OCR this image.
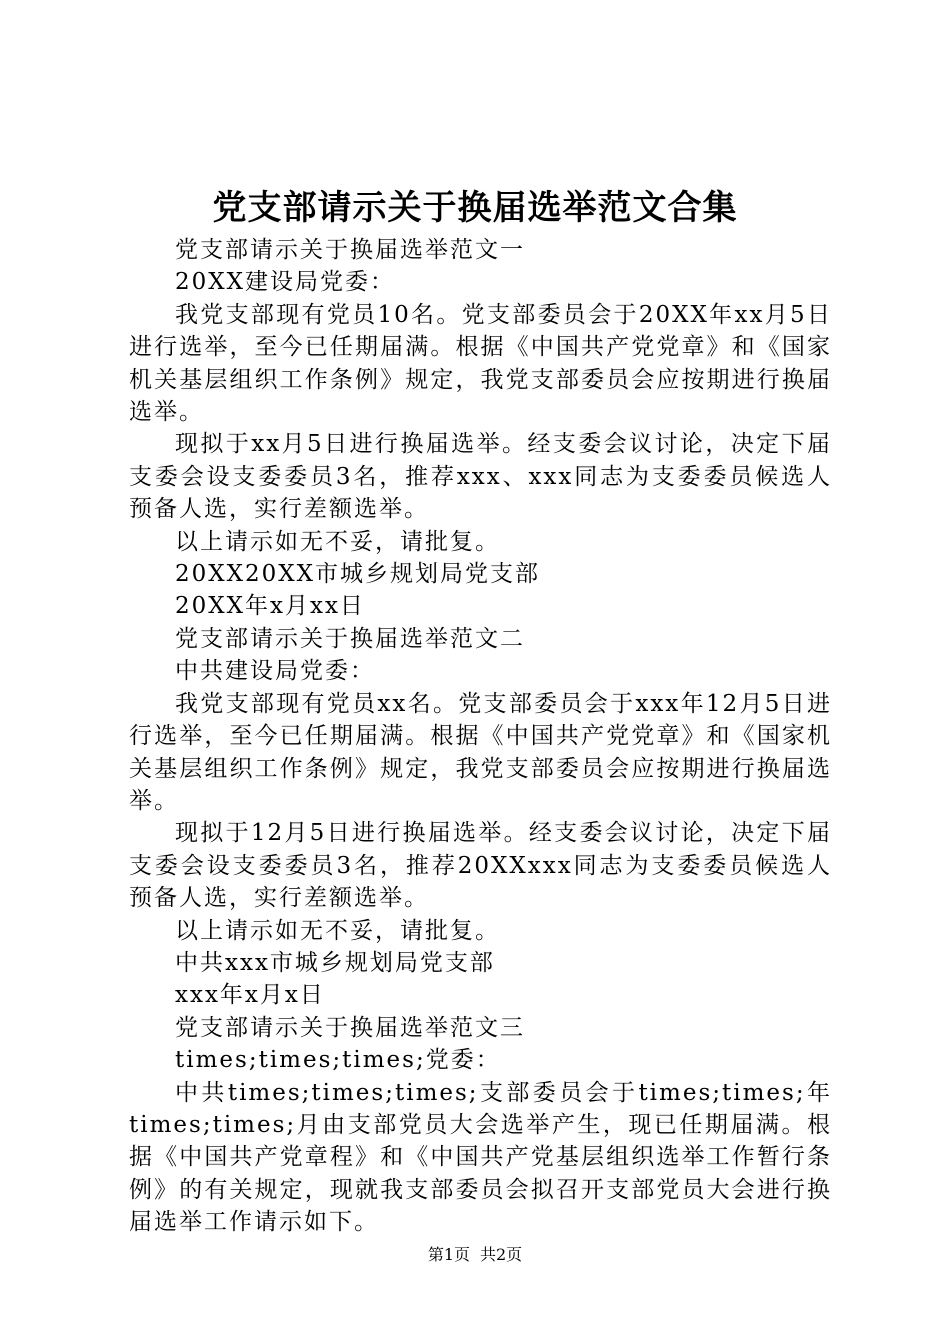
党支部请示关于换届选举范文合集

党支部请示关于换届选举范文一

20XX建设局党委：

我党支部现有党员10名。党支部委员会于20XX年xx月5日进行选举，至今已任期届满。根据《中国共产党党章》和《国家机关基层组织工作条例》规定，我党支部委员会应按期进行换届选举。

现拟于xx月5日进行换届选举。经支委会议讨论，决定下届支委会设支委委员3名，推荐xxx、xxx同志为支委委员候选人预备人选，实行差额选举。

以上请示如无不妥，请批复。

20XX20XX市城乡规划局党支部

20XX年x月xx日

党支部请示关于换届选举范文二

中共建设局党委：

我党支部现有党员xx名。党支部委员会于xxx年12月5日进行选举，至今已任期届满。根据《中国共产党党章》和《国家机关基层组织工作条例》规定，我党支部委员会应按期进行换届选举。

现拟于12月5日进行换届选举。经支委会议讨论，决定下届支委会设支委委员3名，推荐20XXxxx同志为支委委员候选人预备人选，实行差额选举。

以上请示如无不妥，请批复。

中共xxx市城乡规划局党支部

xxx年x月x日

党支部请示关于换届选举范文三

times;times;times;党委：

中共times;times;times;支部委员会于times;times;年times;times;月由支部党员大会选举产生，现已任期届满。根据《中国共产党章程》和《中国共产党基层组织选举工作暂行条例》的有关规定，现就我支部委员会拟召开支部党员大会进行换届选举工作请示如下。

第1页 共2页
